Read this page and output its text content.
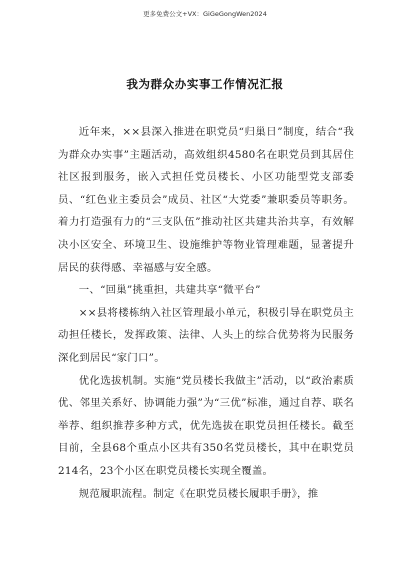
更多免费公文+VX：GiGeGongWen2024
我为群众办实事工作情况汇报

近年来，××县深入推进在职党员“归巢日”制度，结合“我为群众办实事”主题活动，高效组织4580名在职党员到其居住社区报到服务，嵌入式担任党员楼长、小区功能型党支部委员、“红色业主委员会”成员、社区“大党委”兼职委员等职务。着力打造强有力的“三支队伍”推动社区共建共治共享，有效解决小区安全、环境卫生、设施维护等物业管理难题，显著提升居民的获得感、幸福感与安全感。

一、“回巢”挑重担，共建共享“微平台”

××县将楼栋纳入社区管理最小单元，积极引导在职党员主动担任楼长，发挥政策、法律、人头上的综合优势将为民服务深化到居民“家门口”。

优化选拔机制。实施“党员楼长我做主”活动，以“政治素质优、邻里关系好、协调能力强”为“三优”标准，通过自荐、联名举荐、组织推荐多种方式，优先选拔在职党员担任楼长。截至目前，全县68个重点小区共有350名党员楼长，其中在职党员214名，23个小区在职党员楼长实现全覆盖。

规范履职流程。制定《在职党员楼长履职手册》，推
